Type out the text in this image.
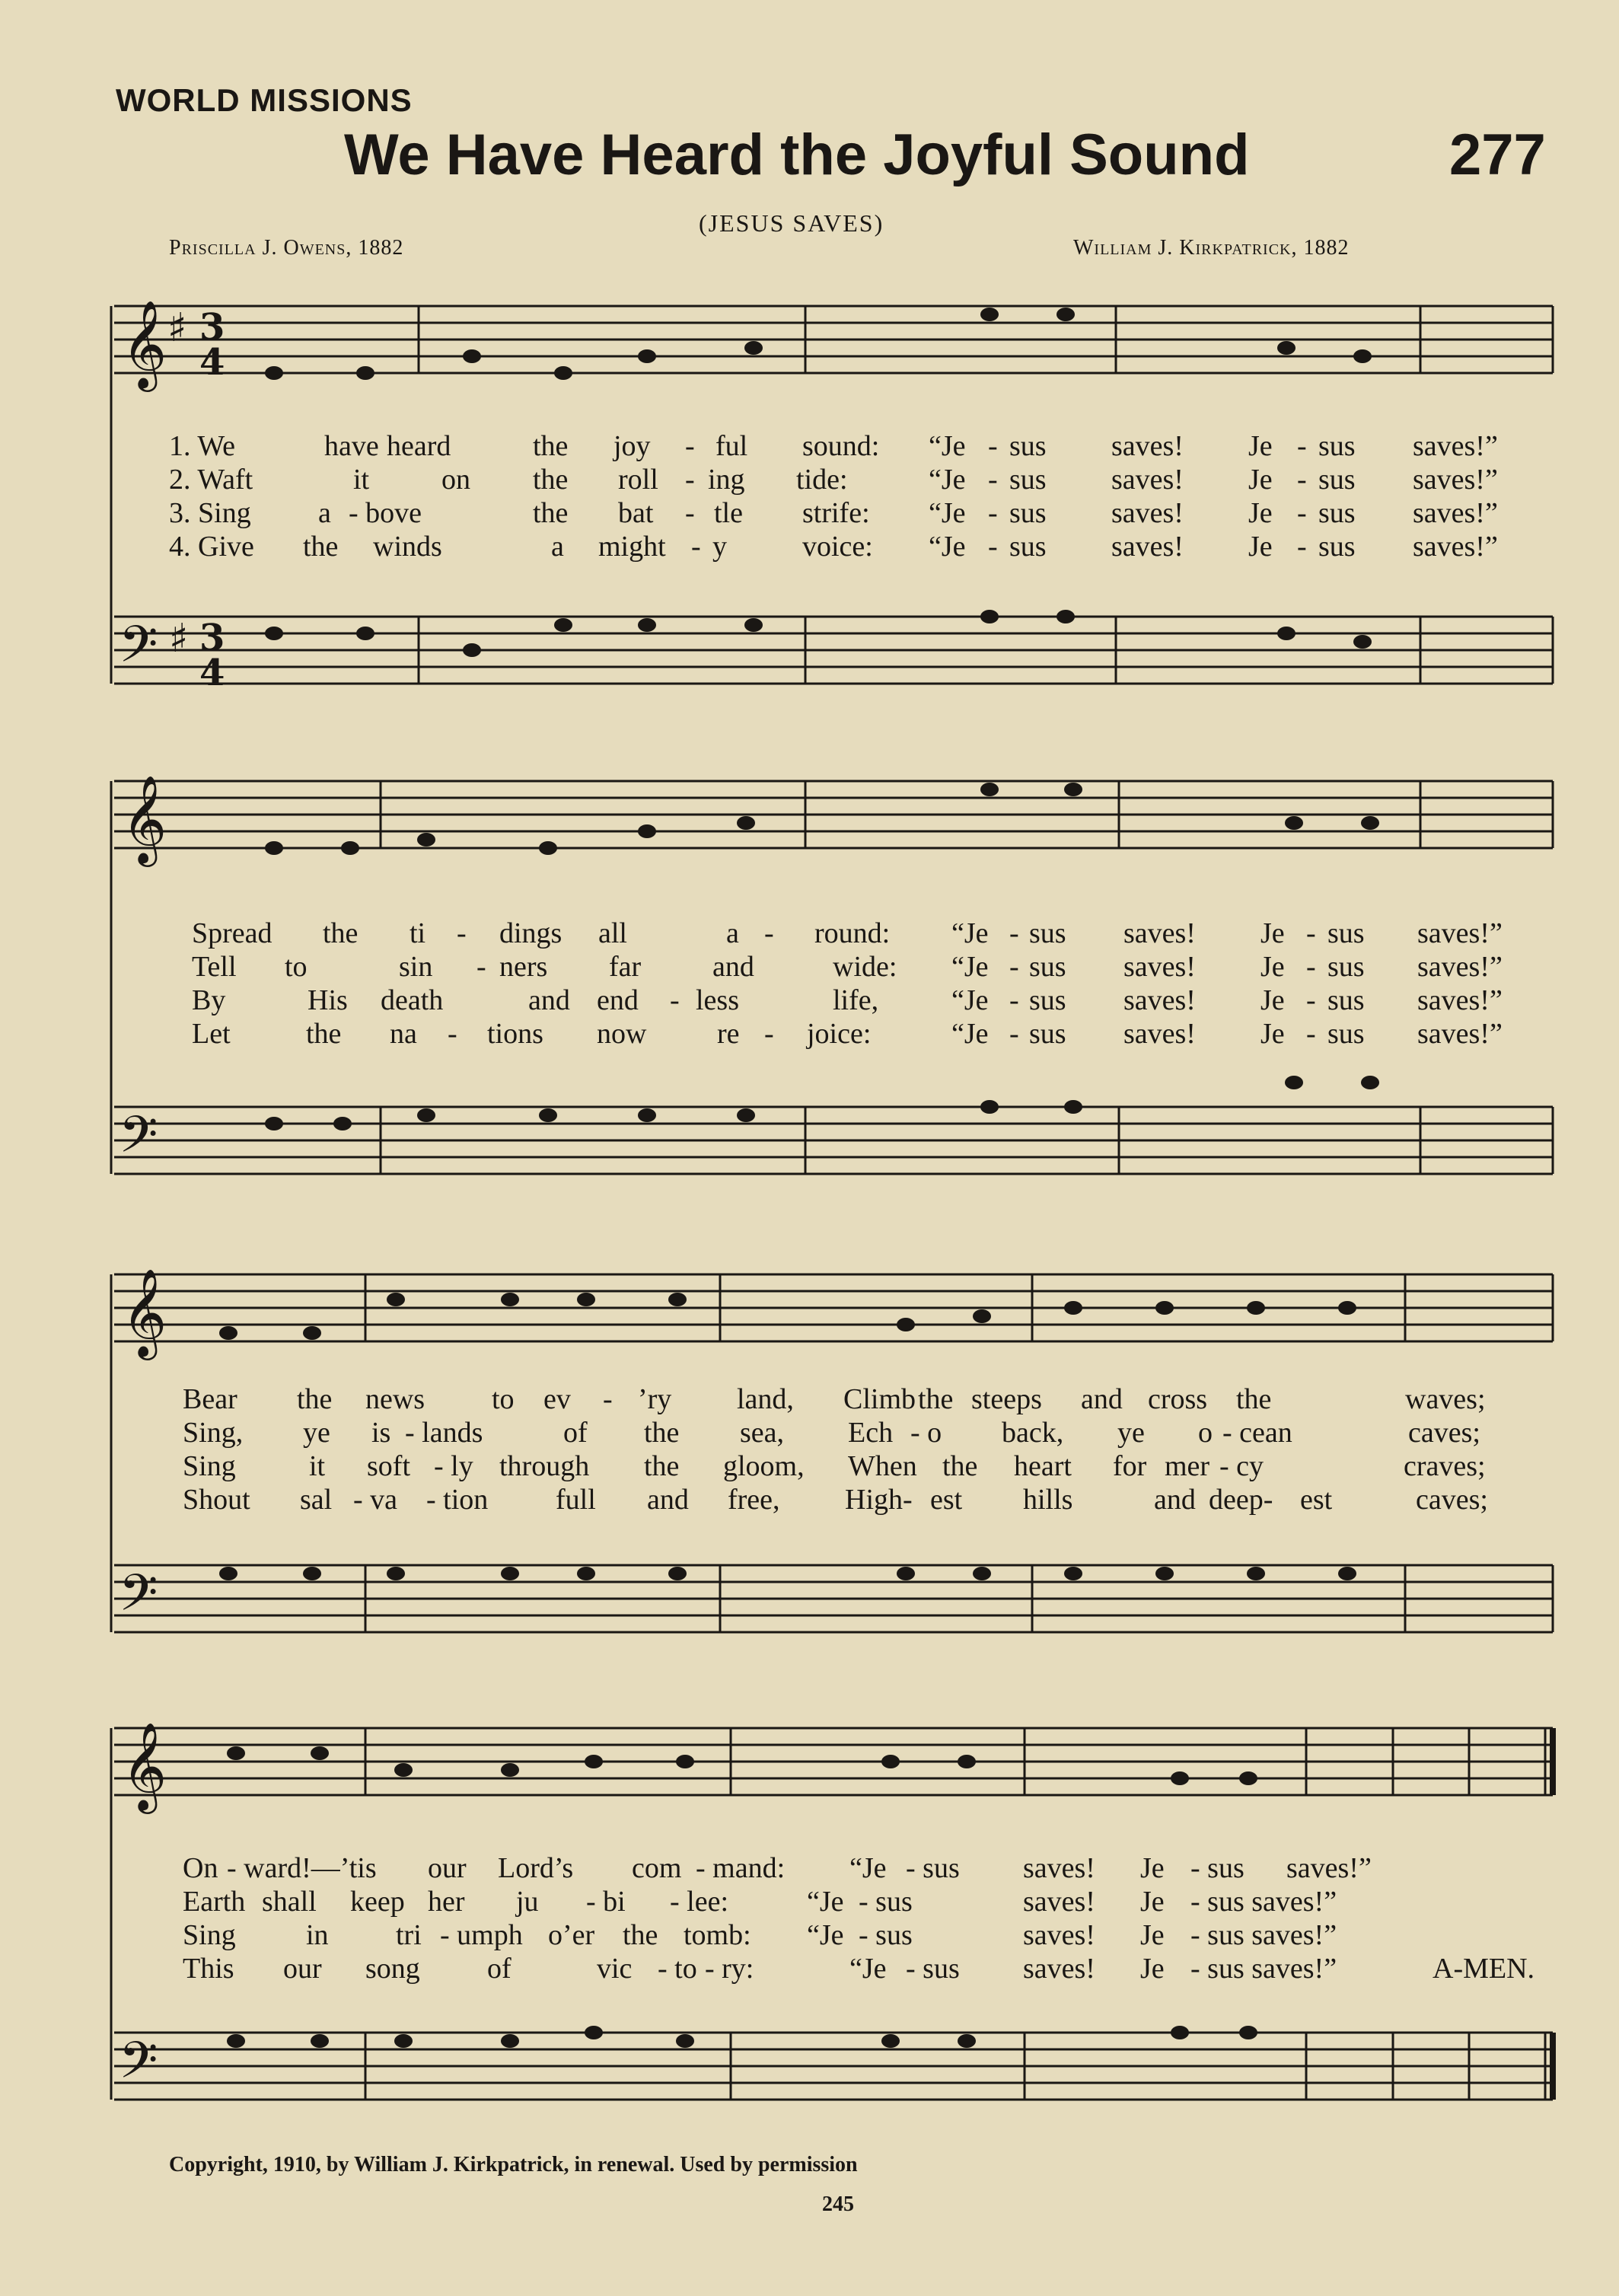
WORLD MISSIONS
We Have Heard the Joyful Sound	277
(JESUS SAVES)
Priscilla J. Owens, 1882	William J. Kirkpatrick, 1882
𝄞
𝄞
𝄞
𝄞
𝄢
𝄢
𝄢
𝄢
♯ 3
4
♯ 3
4
1. We	have heard	the joy - ful sound: “Je - sus saves! Je - sus saves!”
2. Waft	it on the roll - ing tide:	“Je - sus saves! Je - sus saves!”
3. Sing a - bove	the bat - tle strife: “Je - sus saves! Je - sus saves!”
4. Give the winds	a might - y	voice: “Je - sus saves! Je - sus saves!”
Spread the ti - dings all	a - round: “Je - sus saves! Je - sus saves!”
Tell to	sin - ners far and	wide: “Je - sus saves! Je - sus saves!”
By	His death	and end - less	life,	“Je - sus saves! Je - sus saves!”
Let	the na - tions now re - joice:	“Je - sus saves! Je - sus saves!”
Bear the news to ev - ’ry land, Climb the steeps and cross the	waves;
Sing, ye is - lands	of the sea, Ech - o back, ye o - cean	caves;
Sing	it soft - ly through the gloom, When the heart for mer - cy	craves;
Shout sal - va - tion full and free, High- est hills	and deep- est	caves;
On - ward!—’tis our Lord’s com - mand: “Je - sus saves! Je - sus saves!”
Earth shall keep her ju - bi - lee:	“Je - sus	saves! Je - sus saves!”
Sing in tri - umph o’er the tomb: “Je - sus	saves! Je - sus saves!”
This our song of	vic - to - ry:	“Je - sus saves! Je - sus saves!”	A-MEN.
Copyright, 1910, by William J. Kirkpatrick, in renewal. Used by permission
245
